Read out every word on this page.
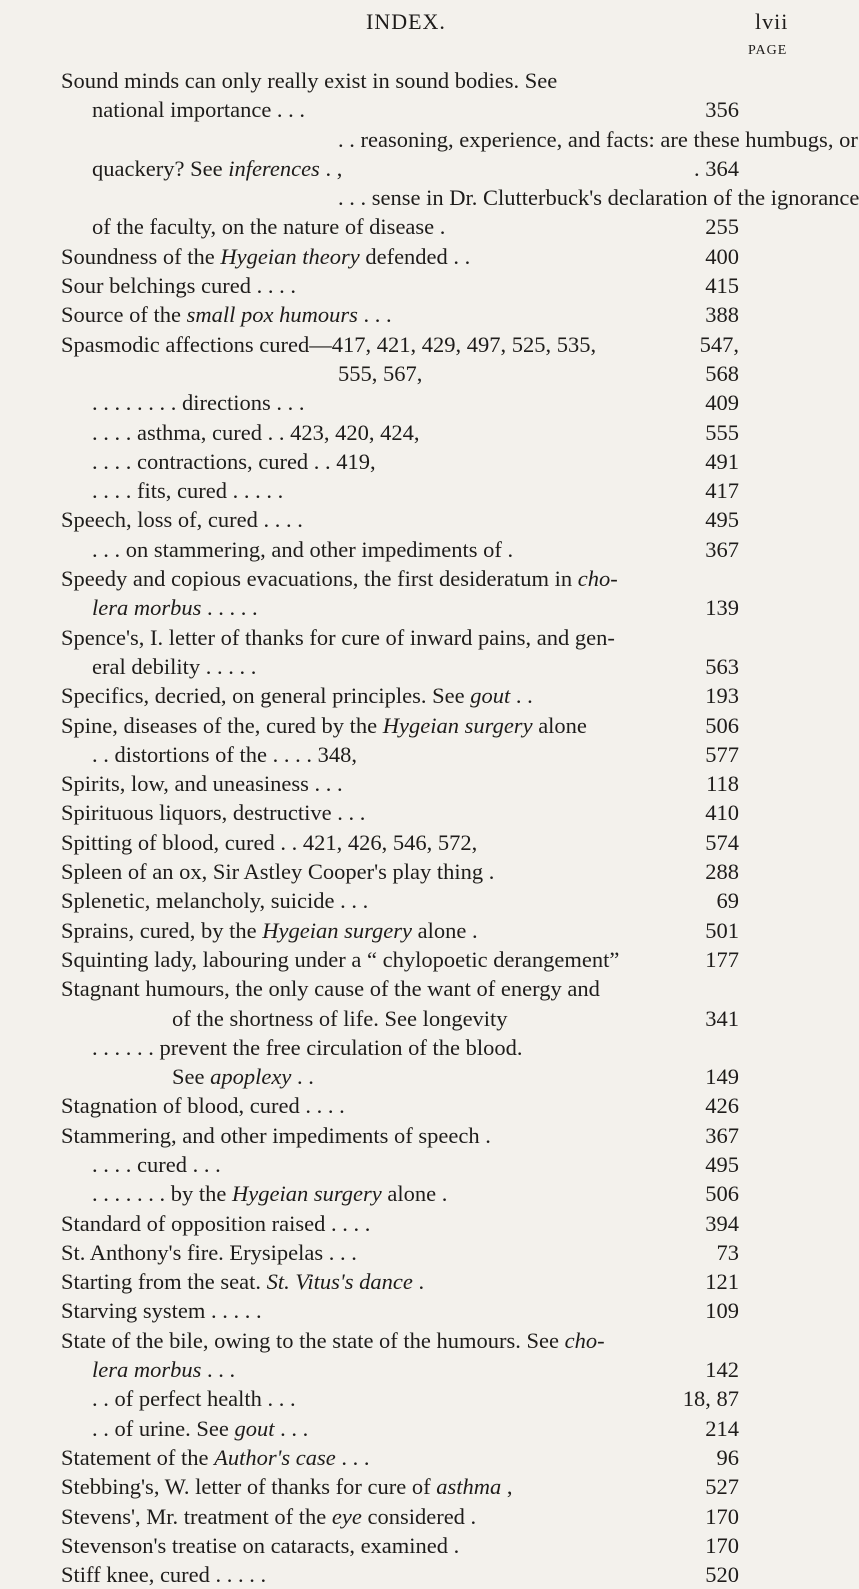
INDEX.	lvii
PAGE
Sound minds can only really exist in sound bodies. See
national importance . . .	356
. . reasoning, experience, and facts: are these humbugs, or
quackery? See inferences . ,	. 364
. . . sense in Dr. Clutterbuck's declaration of the ignorance
of the faculty, on the nature of disease .	255
Soundness of the Hygeian theory defended . .	400
Sour belchings cured . . . .	415
Source of the small pox humours . . .	388
Spasmodic affections cured—417, 421, 429, 497, 525, 535,	547,
555, 567,	568
. . . . . . . . directions . . .	409
. . . . asthma, cured . . 423, 420, 424,	555
. . . . contractions, cured . . 419,	491
. . . . fits, cured . . . . .	417
Speech, loss of, cured . . . .	495
. . . on stammering, and other impediments of .	367
Speedy and copious evacuations, the first desideratum in cho-
lera morbus . . . . .	139
Spence's, I. letter of thanks for cure of inward pains, and gen-
eral debility . . . . .	563
Specifics, decried, on general principles. See gout . .	193
Spine, diseases of the, cured by the Hygeian surgery alone	506
. . distortions of the . . . . 348,	577
Spirits, low, and uneasiness . . .	118
Spirituous liquors, destructive . . .	410
Spitting of blood, cured . . 421, 426, 546, 572,	574
Spleen of an ox, Sir Astley Cooper's play thing .	288
Splenetic, melancholy, suicide . . .	69
Sprains, cured, by the Hygeian surgery alone .	501
Squinting lady, labouring under a “ chylopoetic derangement”	177
Stagnant humours, the only cause of the want of energy and
of the shortness of life. See longevity	341
. . . . . . prevent the free circulation of the blood.
See apoplexy . .	149
Stagnation of blood, cured . . . .	426
Stammering, and other impediments of speech .	367
. . . . cured . . .	495
. . . . . . . by the Hygeian surgery alone .	506
Standard of opposition raised . . . .	394
St. Anthony's fire. Erysipelas . . .	73
Starting from the seat. St. Vitus's dance .	121
Starving system . . . . .	109
State of the bile, owing to the state of the humours. See cho-
lera morbus . . .	142
. . of perfect health . . .	18, 87
. . of urine. See gout . . .	214
Statement of the Author's case . . .	96
Stebbing's, W. letter of thanks for cure of asthma ,	527
Stevens', Mr. treatment of the eye considered .	170
Stevenson's treatise on cataracts, examined .	170
Stiff knee, cured . . . . .	520
